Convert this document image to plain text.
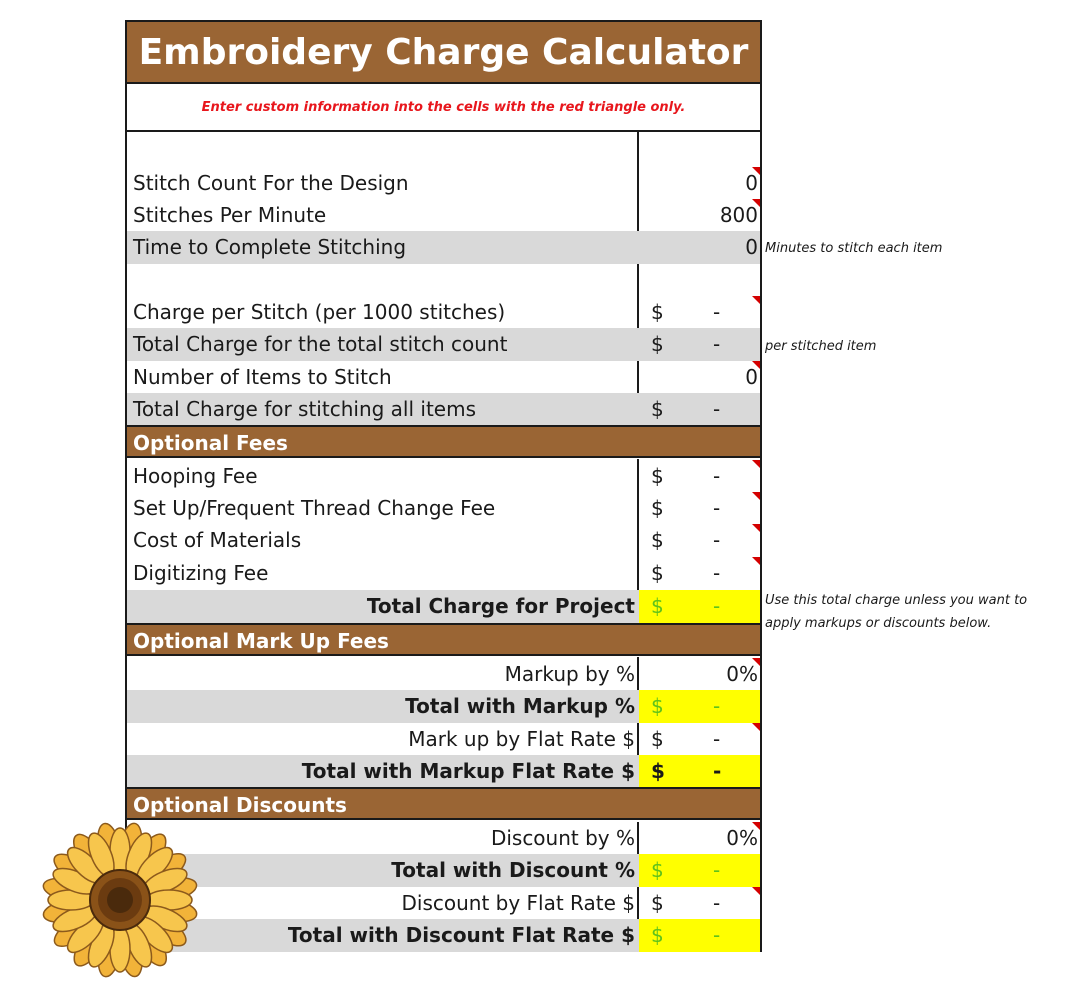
Embroidery Charge Calculator
Enter custom information into the cells with the red triangle only.
Stitch Count For the Design	0
Stitches Per Minute	800
Time to Complete Stitching	0
Charge per Stitch (per 1000 stitches)	$ -
Total Charge for the total stitch count	$ -
Number of Items to Stitch	0
Total Charge for stitching all items	$ -
Optional Fees
Hooping Fee	$ -
Set Up/Frequent Thread Change Fee	$ -
Cost of Materials	$ -
Digitizing Fee	$ -
Total Charge for Project $ -
Optional Mark Up Fees
Markup by %	0%
Total with Markup % $ -
Mark up by Flat Rate $ $ -
Total with Markup Flat Rate $ $ -
Optional Discounts
Discount by %	0%
Total with Discount % $ -
Discount by Flat Rate $ $ -
Total with Discount Flat Rate $ $ -
Minutes to stitch each item
per stitched item
Use this total charge unless you want to
apply markups or discounts below.
